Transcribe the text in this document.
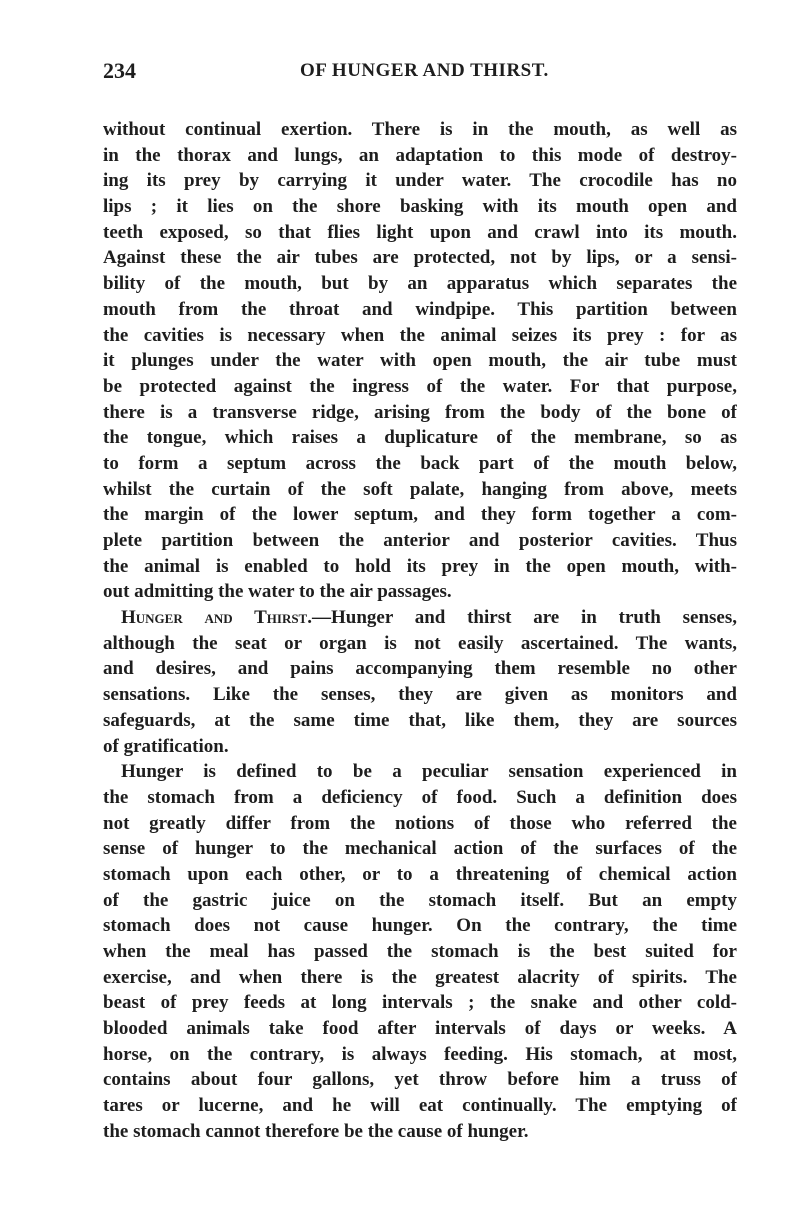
234	OF HUNGER AND THIRST.
without continual exertion. There is in the mouth, as well as
in the thorax and lungs, an adaptation to this mode of destroy-
ing its prey by carrying it under water. The crocodile has no
lips ; it lies on the shore basking with its mouth open and
teeth exposed, so that flies light upon and crawl into its mouth.
Against these the air tubes are protected, not by lips, or a sensi-
bility of the mouth, but by an apparatus which separates the
mouth from the throat and windpipe. This partition between
the cavities is necessary when the animal seizes its prey : for as
it plunges under the water with open mouth, the air tube must
be protected against the ingress of the water. For that purpose,
there is a transverse ridge, arising from the body of the bone of
the tongue, which raises a duplicature of the membrane, so as
to form a septum across the back part of the mouth below,
whilst the curtain of the soft palate, hanging from above, meets
the margin of the lower septum, and they form together a com-
plete partition between the anterior and posterior cavities. Thus
the animal is enabled to hold its prey in the open mouth, with-
out admitting the water to the air passages.
Hunger and Thirst.—Hunger and thirst are in truth senses,
although the seat or organ is not easily ascertained. The wants,
and desires, and pains accompanying them resemble no other
sensations. Like the senses, they are given as monitors and
safeguards, at the same time that, like them, they are sources
of gratification.
Hunger is defined to be a peculiar sensation experienced in
the stomach from a deficiency of food. Such a definition does
not greatly differ from the notions of those who referred the
sense of hunger to the mechanical action of the surfaces of the
stomach upon each other, or to a threatening of chemical action
of the gastric juice on the stomach itself. But an empty
stomach does not cause hunger. On the contrary, the time
when the meal has passed the stomach is the best suited for
exercise, and when there is the greatest alacrity of spirits. The
beast of prey feeds at long intervals ; the snake and other cold-
blooded animals take food after intervals of days or weeks. A
horse, on the contrary, is always feeding. His stomach, at most,
contains about four gallons, yet throw before him a truss of
tares or lucerne, and he will eat continually. The emptying of
the stomach cannot therefore be the cause of hunger.
